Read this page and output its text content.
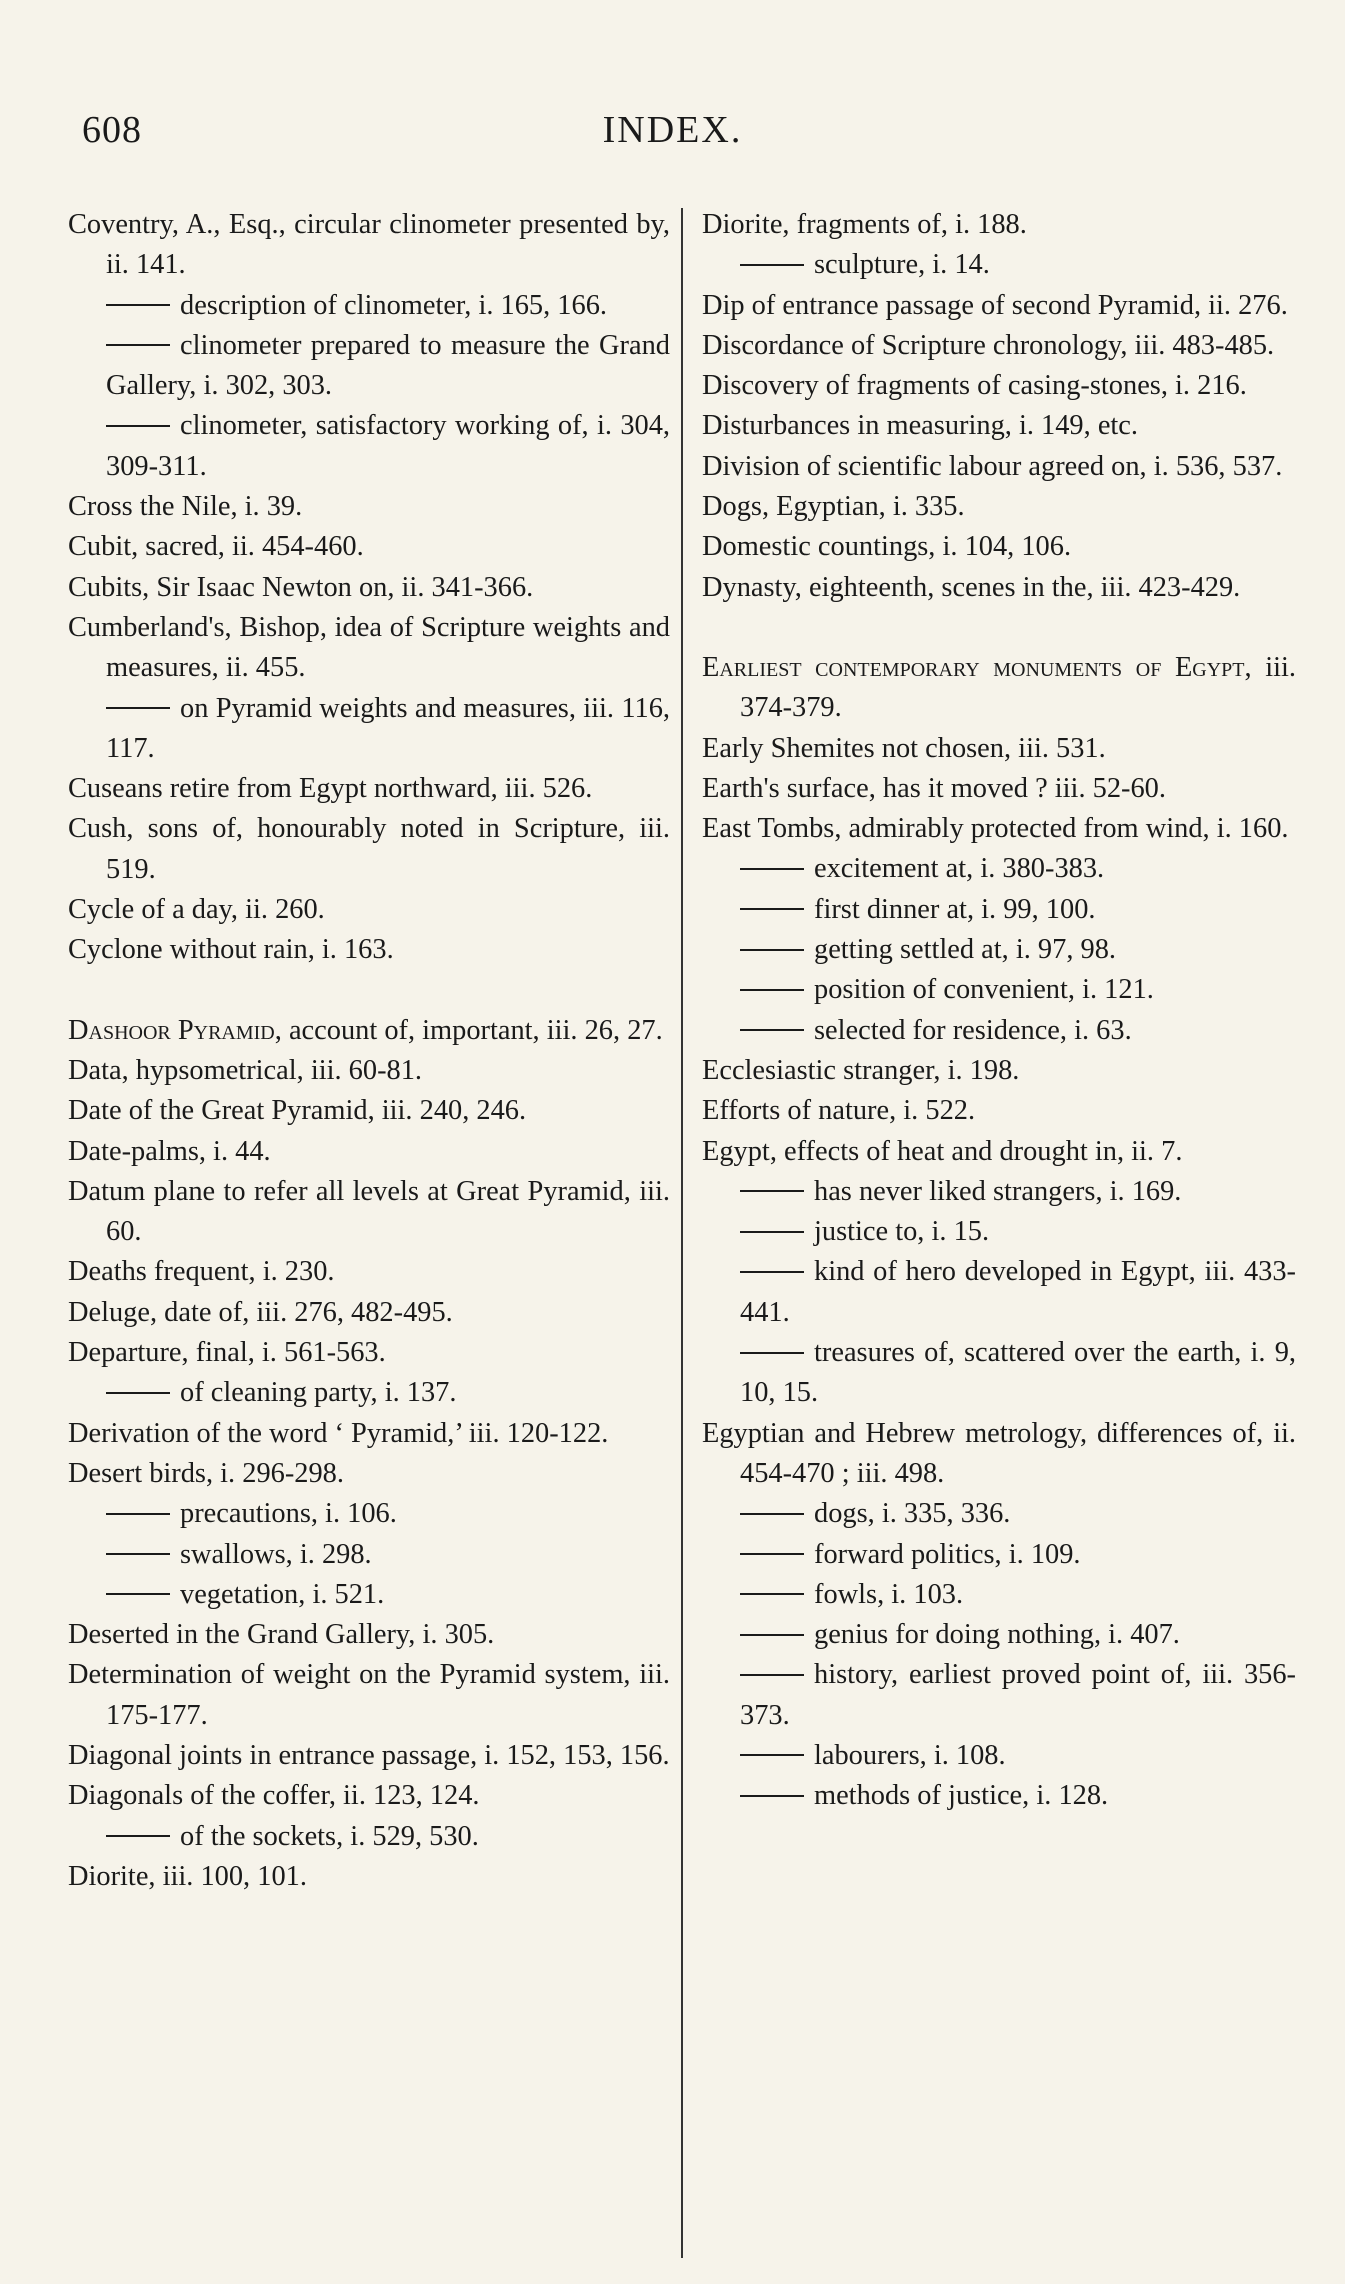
608	INDEX.

Coventry, A., Esq., circular clinometer presented by, ii. 141.

description of clinometer, i. 165, 166.

clinometer prepared to measure the Grand Gallery, i. 302, 303.

clinometer, satisfactory working of, i. 304, 309-311.

Cross the Nile, i. 39.

Cubit, sacred, ii. 454-460.

Cubits, Sir Isaac Newton on, ii. 341-366.

Cumberland's, Bishop, idea of Scripture weights and measures, ii. 455.

on Pyramid weights and measures, iii. 116, 117.

Cuseans retire from Egypt northward, iii. 526.

Cush, sons of, honourably noted in Scripture, iii. 519.

Cycle of a day, ii. 260.

Cyclone without rain, i. 163.

Dashoor Pyramid, account of, important, iii. 26, 27.

Data, hypsometrical, iii. 60-81.

Date of the Great Pyramid, iii. 240, 246.

Date-palms, i. 44.

Datum plane to refer all levels at Great Pyramid, iii. 60.

Deaths frequent, i. 230.

Deluge, date of, iii. 276, 482-495.

Departure, final, i. 561-563.

of cleaning party, i. 137.

Derivation of the word ‘ Pyramid,’ iii. 120-122.

Desert birds, i. 296-298.

precautions, i. 106.

swallows, i. 298.

vegetation, i. 521.

Deserted in the Grand Gallery, i. 305.

Determination of weight on the Pyramid system, iii. 175-177.

Diagonal joints in entrance passage, i. 152, 153, 156.

Diagonals of the coffer, ii. 123, 124.

of the sockets, i. 529, 530.

Diorite, iii. 100, 101.

Diorite, fragments of, i. 188.

sculpture, i. 14.

Dip of entrance passage of second Pyramid, ii. 276.

Discordance of Scripture chronology, iii. 483-485.

Discovery of fragments of casing-stones, i. 216.

Disturbances in measuring, i. 149, etc.

Division of scientific labour agreed on, i. 536, 537.

Dogs, Egyptian, i. 335.

Domestic countings, i. 104, 106.

Dynasty, eighteenth, scenes in the, iii. 423-429.

Earliest contemporary monuments of Egypt, iii. 374-379.

Early Shemites not chosen, iii. 531.

Earth's surface, has it moved ? iii. 52-60.

East Tombs, admirably protected from wind, i. 160.

excitement at, i. 380-383.

first dinner at, i. 99, 100.

getting settled at, i. 97, 98.

position of convenient, i. 121.

selected for residence, i. 63.

Ecclesiastic stranger, i. 198.

Efforts of nature, i. 522.

Egypt, effects of heat and drought in, ii. 7.

has never liked strangers, i. 169.

justice to, i. 15.

kind of hero developed in Egypt, iii. 433-441.

treasures of, scattered over the earth, i. 9, 10, 15.

Egyptian and Hebrew metrology, differences of, ii. 454-470 ; iii. 498.

dogs, i. 335, 336.

forward politics, i. 109.

fowls, i. 103.

genius for doing nothing, i. 407.

history, earliest proved point of, iii. 356-373.

labourers, i. 108.

methods of justice, i. 128.
